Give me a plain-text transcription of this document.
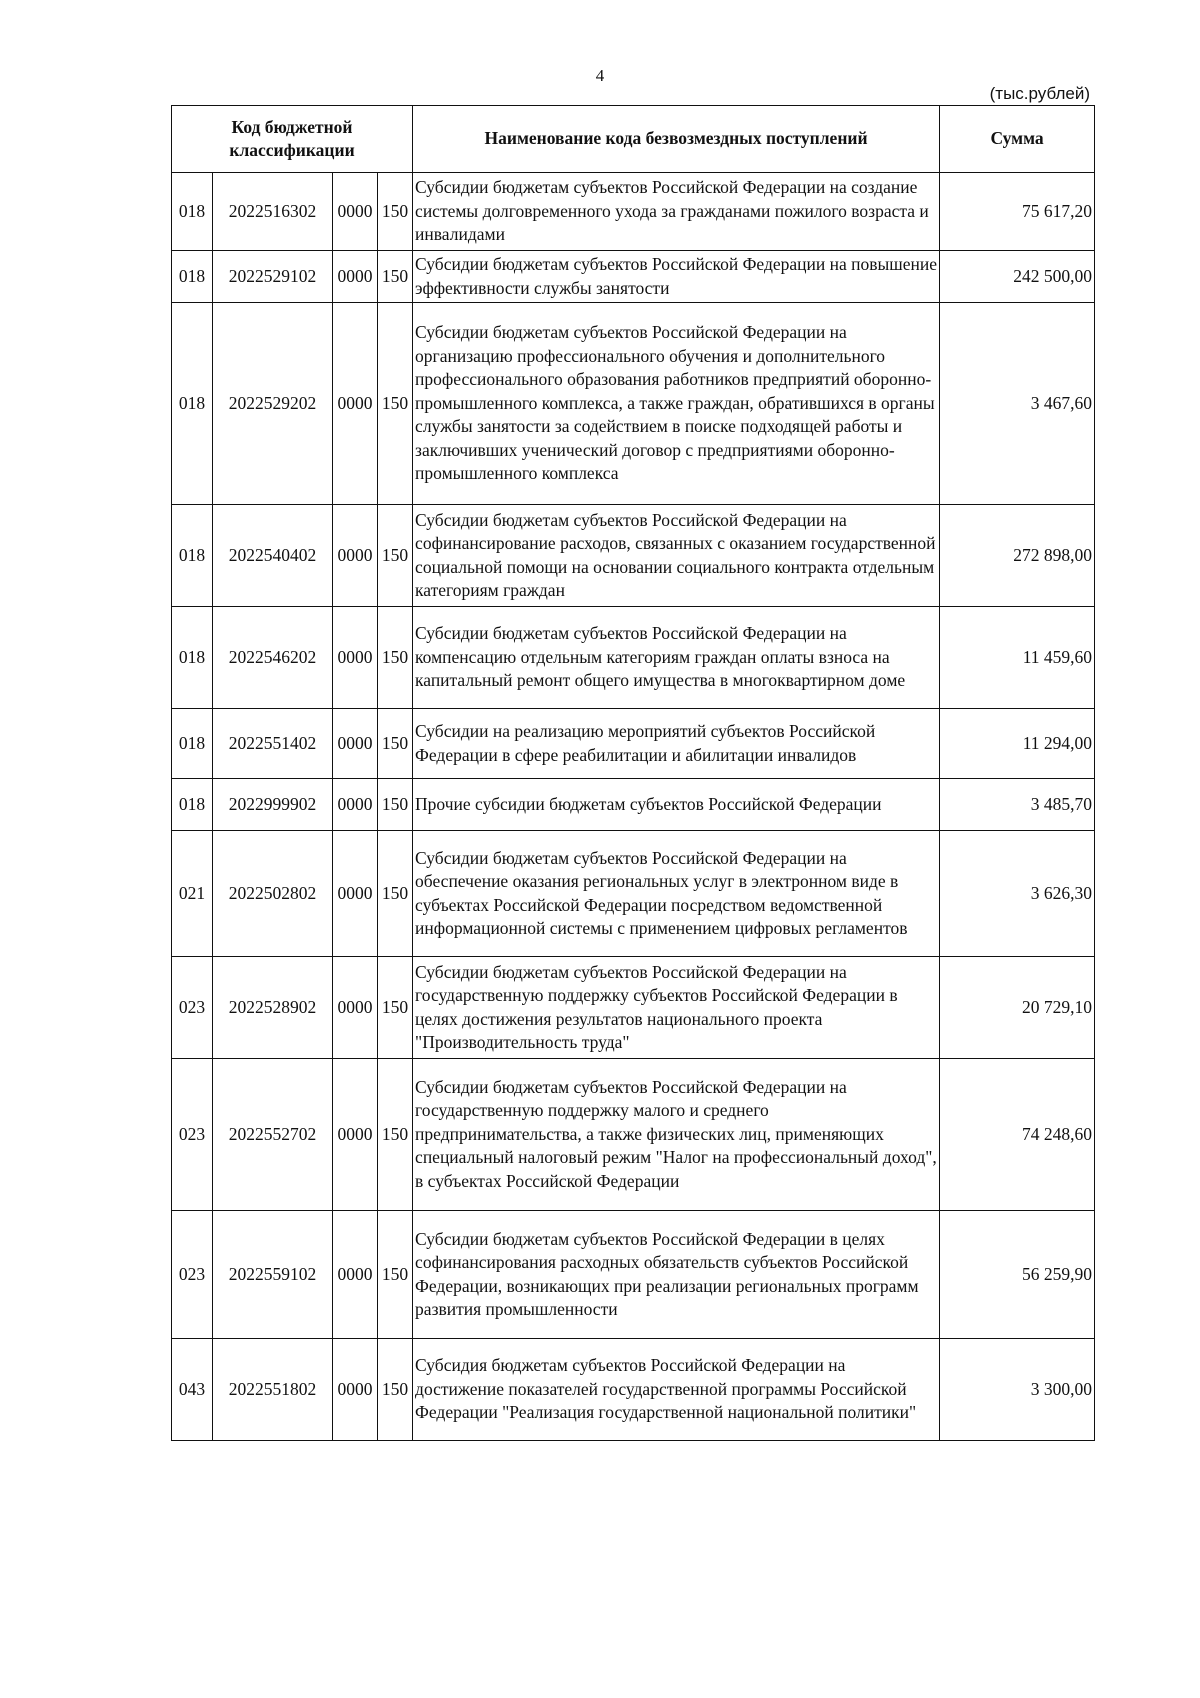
4
(тыс.рублей)
Код бюджетной классификации				Наименование кода безвозмездных поступлений	Сумма
018	2022516302	0000	150	Субсидии бюджетам субъектов Российской Федерации на создание системы долговременного ухода за гражданами пожилого возраста и инвалидами	75 617,20
018	2022529102	0000	150	Субсидии бюджетам субъектов Российской Федерации на повышение эффективности службы занятости	242 500,00
018	2022529202	0000	150	Субсидии бюджетам субъектов Российской Федерации на организацию профессионального обучения и дополнительного профессионального образования работников предприятий оборонно-промышленного комплекса, а также граждан, обратившихся в органы службы занятости за содействием в поиске подходящей работы и заключивших ученический договор с предприятиями оборонно-промышленного комплекса	3 467,60
018	2022540402	0000	150	Субсидии бюджетам субъектов Российской Федерации на софинансирование расходов, связанных с оказанием государственной социальной помощи на основании социального контракта отдельным категориям граждан	272 898,00
018	2022546202	0000	150	Субсидии бюджетам субъектов Российской Федерации на компенсацию отдельным категориям граждан оплаты взноса на капитальный ремонт общего имущества в многоквартирном доме	11 459,60
018	2022551402	0000	150	Субсидии на реализацию мероприятий субъектов Российской Федерации в сфере реабилитации и абилитации инвалидов	11 294,00
018	2022999902	0000	150	Прочие субсидии бюджетам субъектов Российской Федерации	3 485,70
021	2022502802	0000	150	Субсидии бюджетам субъектов Российской Федерации на обеспечение оказания региональных услуг в электронном виде в субъектах Российской Федерации посредством ведомственной информационной системы с применением цифровых регламентов	3 626,30
023	2022528902	0000	150	Субсидии бюджетам субъектов Российской Федерации на государственную поддержку субъектов Российской Федерации в целях достижения результатов национального проекта "Производительность труда"	20 729,10
023	2022552702	0000	150	Субсидии бюджетам субъектов Российской Федерации на государственную поддержку малого и среднего предпринимательства, а также физических лиц, применяющих специальный налоговый режим "Налог на профессиональный доход", в субъектах Российской Федерации	74 248,60
023	2022559102	0000	150	Субсидии бюджетам субъектов Российской Федерации в целях софинансирования расходных обязательств субъектов Российской Федерации, возникающих при реализации региональных программ развития промышленности	56 259,90
043	2022551802	0000	150	Субсидия бюджетам субъектов Российской Федерации на достижение показателей государственной программы Российской Федерации "Реализация государственной национальной политики"	3 300,00
